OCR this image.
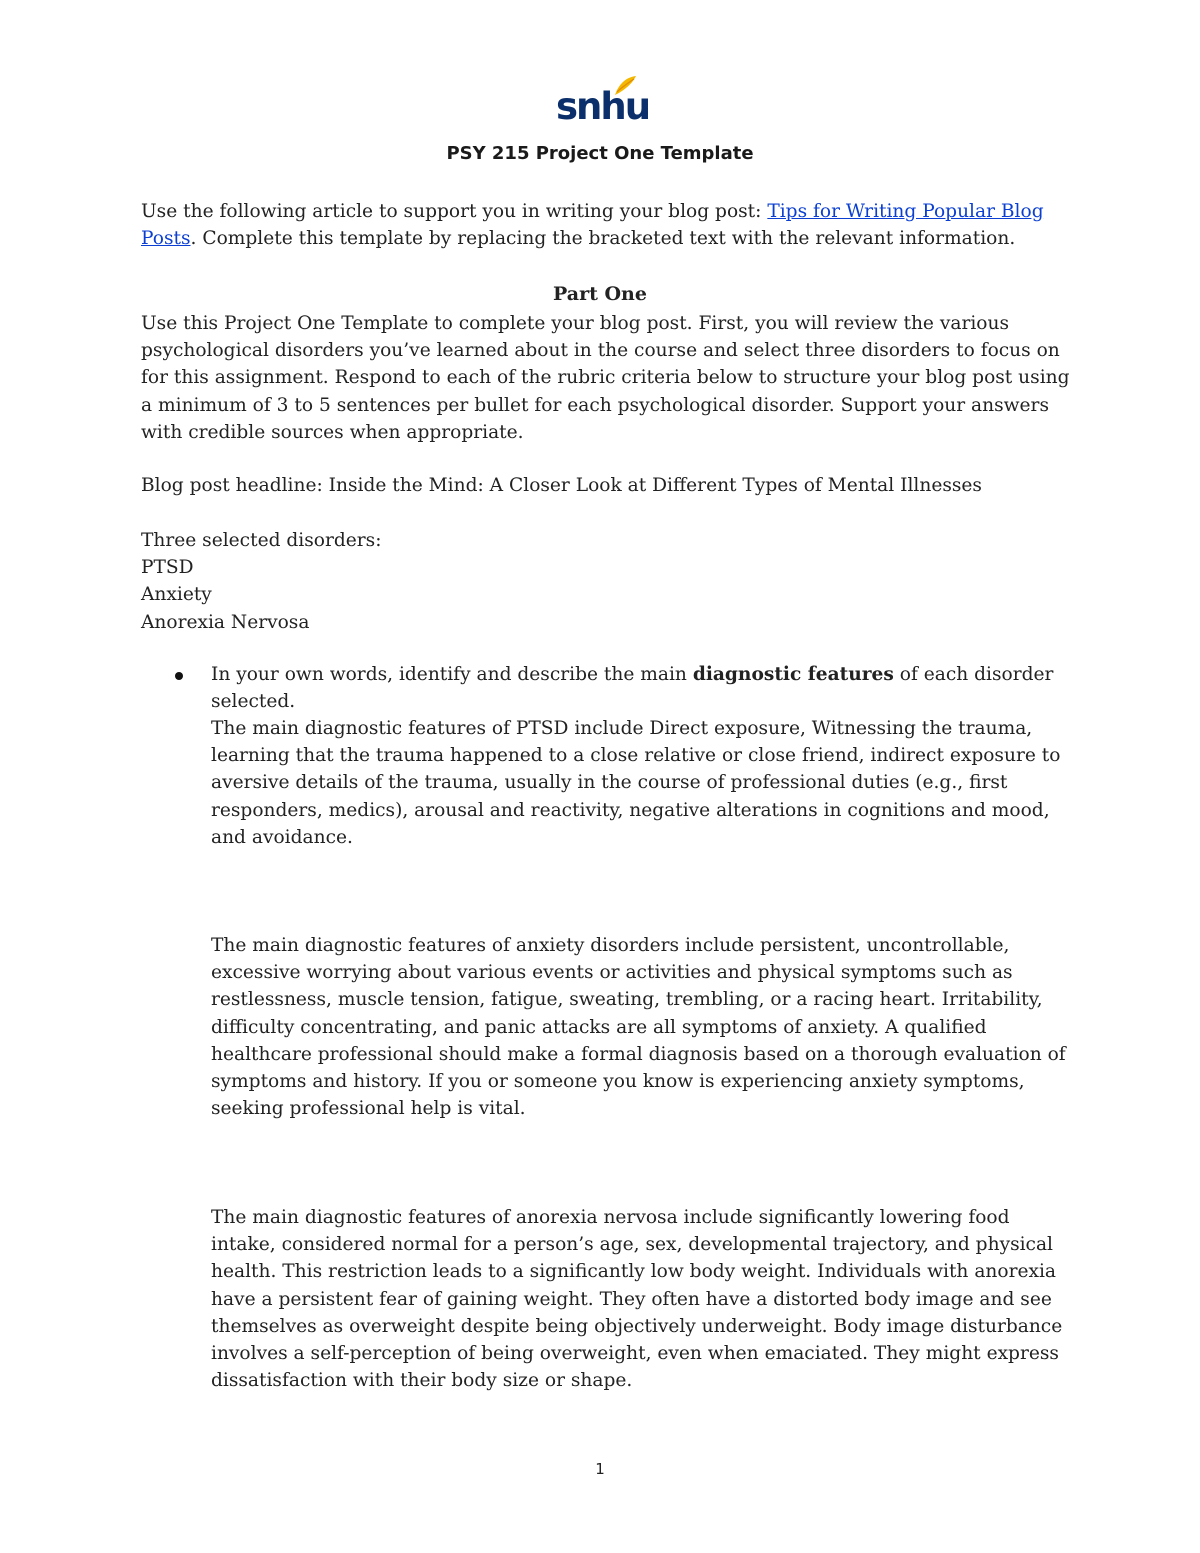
snhu
PSY 215 Project One Template
Use the following article to support you in writing your blog post: Tips for Writing Popular Blog Posts. Complete this template by replacing the bracketed text with the relevant information.
Part One
Use this Project One Template to complete your blog post. First, you will review the various psychological disorders you’ve learned about in the course and select three disorders to focus on for this assignment. Respond to each of the rubric criteria below to structure your blog post using a minimum of 3 to 5 sentences per bullet for each psychological disorder. Support your answers with credible sources when appropriate.
Blog post headline: Inside the Mind: A Closer Look at Different Types of Mental Illnesses
Three selected disorders:
PTSD
Anxiety
Anorexia Nervosa
In your own words, identify and describe the main diagnostic features of each disorder selected.
The main diagnostic features of PTSD include Direct exposure, Witnessing the trauma, learning that the trauma happened to a close relative or close friend, indirect exposure to aversive details of the trauma, usually in the course of professional duties (e.g., first responders, medics), arousal and reactivity, negative alterations in cognitions and mood, and avoidance.
The main diagnostic features of anxiety disorders include persistent, uncontrollable, excessive worrying about various events or activities and physical symptoms such as restlessness, muscle tension, fatigue, sweating, trembling, or a racing heart. Irritability, difficulty concentrating, and panic attacks are all symptoms of anxiety. A qualified healthcare professional should make a formal diagnosis based on a thorough evaluation of symptoms and history. If you or someone you know is experiencing anxiety symptoms, seeking professional help is vital.
The main diagnostic features of anorexia nervosa include significantly lowering food intake, considered normal for a person’s age, sex, developmental trajectory, and physical health. This restriction leads to a significantly low body weight. Individuals with anorexia have a persistent fear of gaining weight. They often have a distorted body image and see themselves as overweight despite being objectively underweight. Body image disturbance involves a self-perception of being overweight, even when emaciated. They might express dissatisfaction with their body size or shape.
1
